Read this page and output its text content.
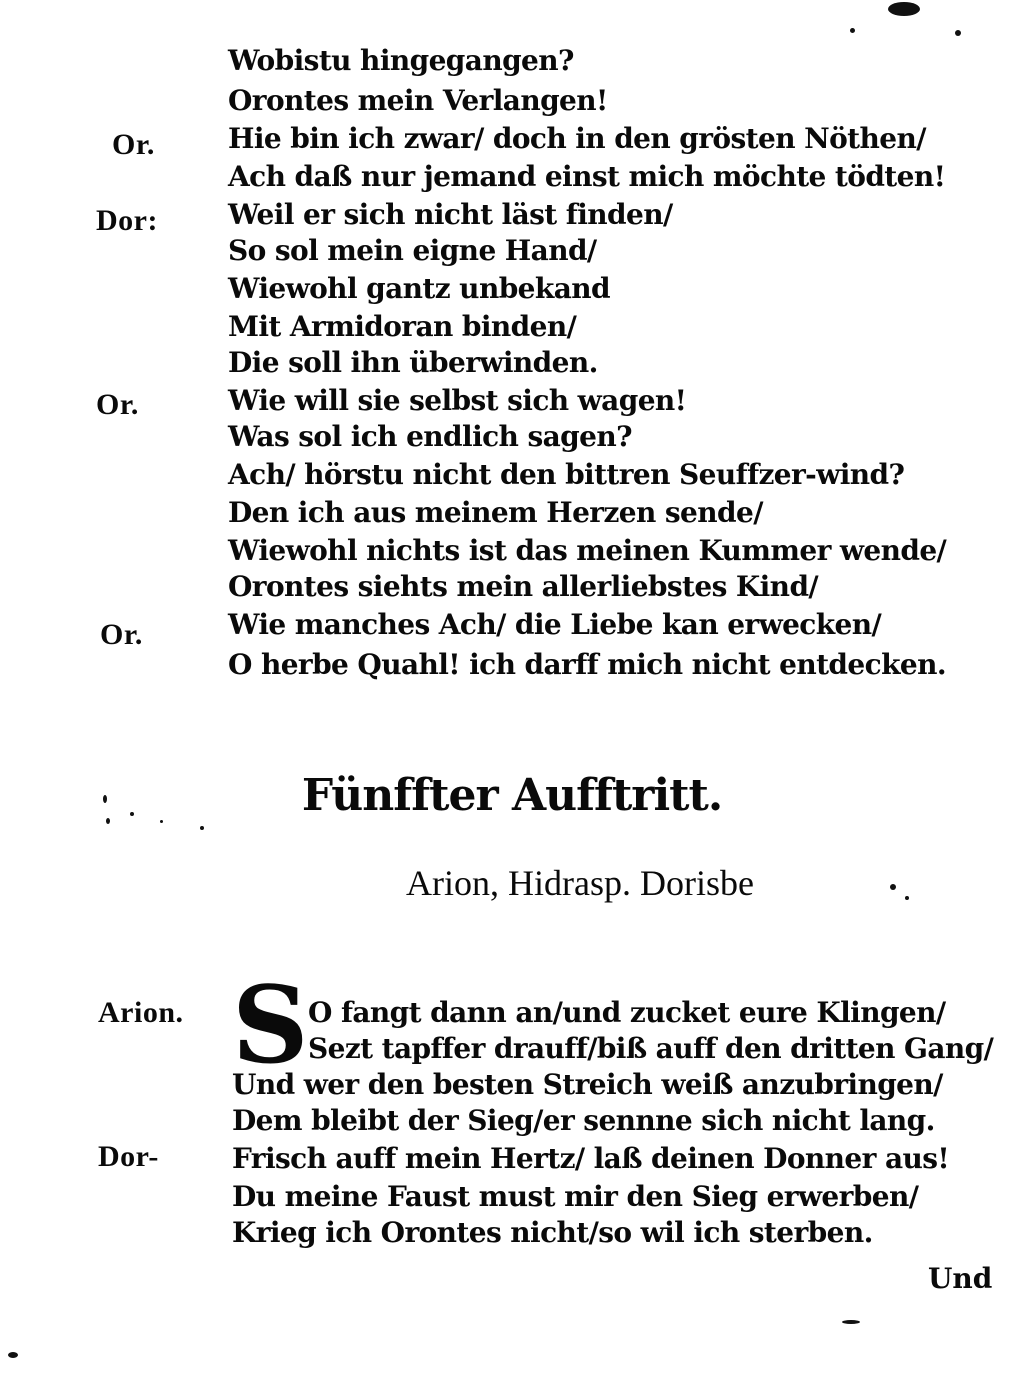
Or.
Dor:
Or.
Or.
Wobistu hingegangen?
Orontes mein Verlangen!
Hie bin ich zwar/ doch in den grösten Nöthen/
Ach daß nur jemand einst mich möchte tödten!
Weil er sich nicht läst finden/
So sol mein eigne Hand/
Wiewohl gantz unbekand
Mit Armidoran binden/
Die soll ihn überwinden.
Wie will sie selbst sich wagen!
Was sol ich endlich sagen?
Ach/ hörstu nicht den bittren Seuffzer-wind?
Den ich aus meinem Herzen sende/
Wiewohl nichts ist das meinen Kummer wende/
Orontes siehts mein allerliebstes Kind/
Wie manches Ach/ die Liebe kan erwecken/
O herbe Quahl! ich darff mich nicht entdecken.
Fünffter Aufftritt.
Arion, Hidrasp. Dorisbe
Arion.
Dor-
S O fangt dann an/und zucket eure Klingen/
Sezt tapffer drauff/biß auff den dritten Gang/
Und wer den besten Streich weiß anzubringen/
Dem bleibt der Sieg/er sennne sich nicht lang.
Frisch auff mein Hertz/ laß deinen Donner aus!
Du meine Faust must mir den Sieg erwerben/
Krieg ich Orontes nicht/so wil ich sterben.
Und
